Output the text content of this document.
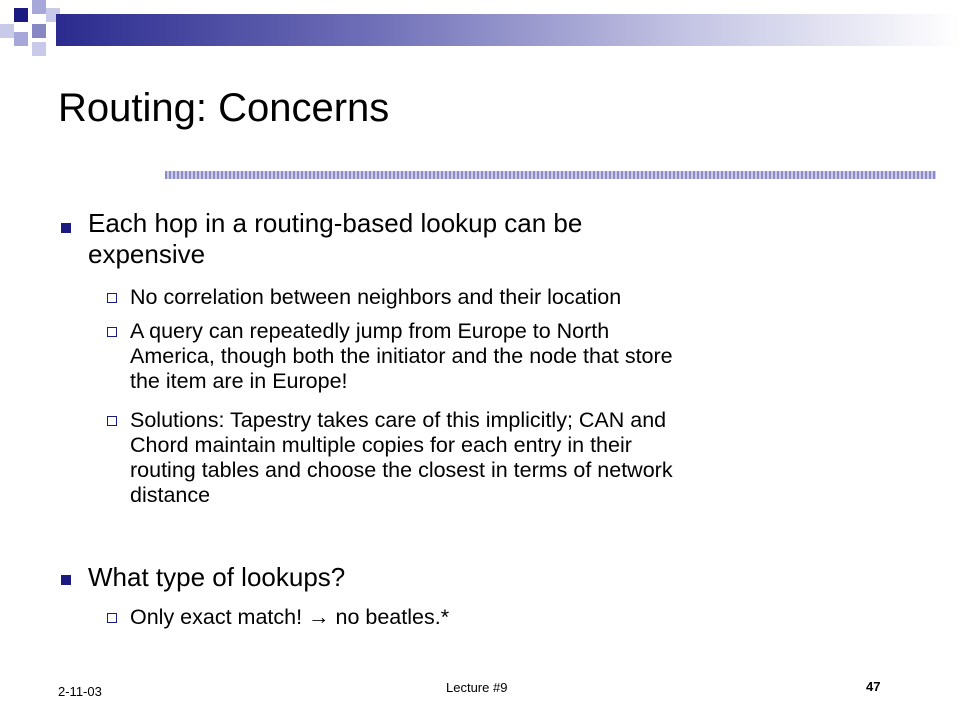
Routing: Concerns
Each hop in a routing-based lookup can be
expensive
No correlation between neighbors and their location
A query can repeatedly jump from Europe to North
America, though both the initiator and the node that store
the item are in Europe!
Solutions: Tapestry takes care of this implicitly; CAN and
Chord maintain multiple copies for each entry in their
routing tables and choose the closest in terms of network
distance
What type of lookups?
Only exact match! → no beatles.*
2-11-03	Lecture #9	47
